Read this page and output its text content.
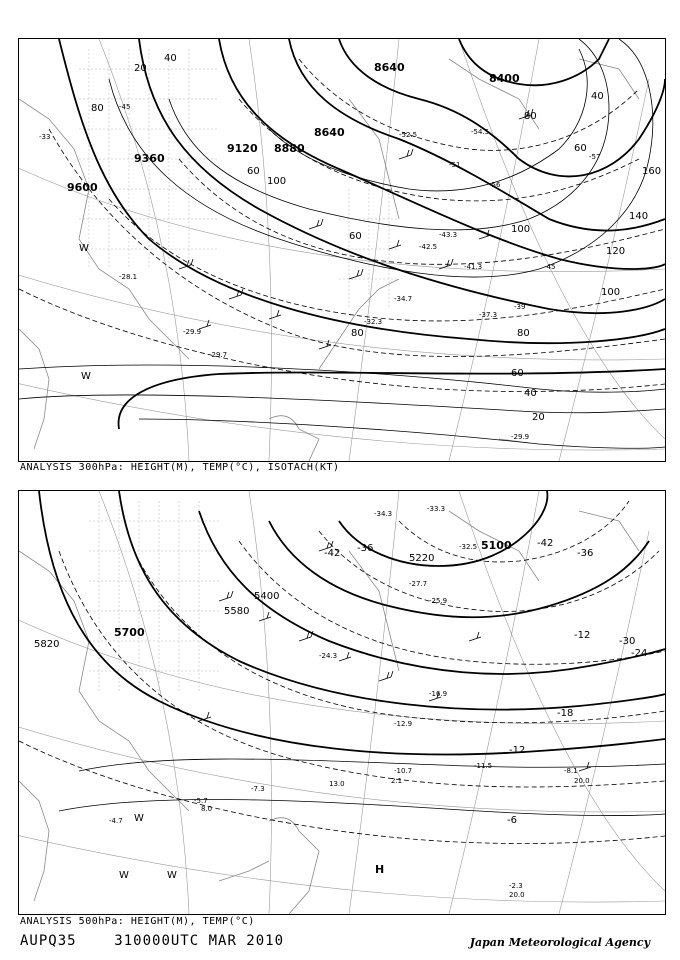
9600
9360
9120 8880
8640
8640
8400
20
40
60
80
100
120
140
160
100
80
60
40
20
80
80
60
40
60
100
-33
-45
-52.5
-51
-41.3
-42.5
-43.3
-37.3
-32.3
-29.7
-29.9
-28.1
-34.7
-39
-45
-57
-54.5
-56
-29.9
W
W
ANALYSIS 300hPa: HEIGHT(M), TEMP(°C), ISOTACH(KT)
5820
5700
5580
5400
5220
5100
-42 -36
-30
-24
-18
-12
-6
-12
-36
-42
-33.3
-34.3
-32.5
-27.7
-25.9
-24.3
-16.9
-12.9
-10.7
-11.5
-8.1
-2.3
20.0
-5.7
-4.7
-7.3
13.0	2.1
8.0
20.0
W
W	W	H
ANALYSIS 500hPa: HEIGHT(M), TEMP(°C)
AUPQ35	310000UTC MAR 2010	Japan Meteorological Agency
